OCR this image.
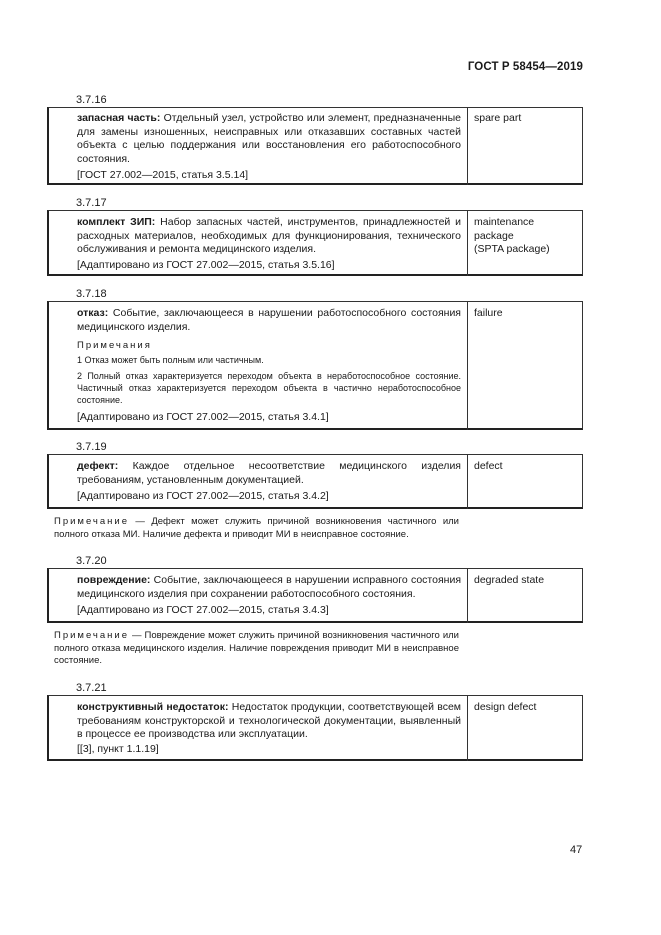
ГОСТ Р 58454—2019
3.7.16
запасная часть: Отдельный узел, устройство или элемент, предназначенные для замены изношенных, неисправных или отказавших составных частей объекта с целью поддержания или восстановления его работоспособного состояния.
spare part
[ГОСТ 27.002—2015, статья 3.5.14]
3.7.17
комплект ЗИП: Набор запасных частей, инструментов, принадлежностей и расходных материалов, необходимых для функционирования, технического обслуживания и ремонта медицинского изделия.
maintenance
package
(SPTA package)
[Адаптировано из ГОСТ 27.002—2015, статья 3.5.16]
3.7.18
отказ: Событие, заключающееся в нарушении работоспособного состояния медицинского изделия.
failure
Примечания
1 Отказ может быть полным или частичным.
2 Полный отказ характеризуется переходом объекта в неработоспособное состояние. Частичный отказ характеризуется переходом объекта в частично неработоспособное состояние.
[Адаптировано из ГОСТ 27.002—2015, статья 3.4.1]
3.7.19
дефект: Каждое отдельное несоответствие медицинского изделия требованиям, установленным документацией.
defect
[Адаптировано из ГОСТ 27.002—2015, статья 3.4.2]
Примечание — Дефект может служить причиной возникновения частичного или полного отказа МИ. Наличие дефекта и приводит МИ в неисправное состояние.
3.7.20
повреждение: Событие, заключающееся в нарушении исправного состояния медицинского изделия при сохранении работоспособного состояния.
degraded state
[Адаптировано из ГОСТ 27.002—2015, статья 3.4.3]
Примечание — Повреждение может служить причиной возникновения частичного или полного отказа медицинского изделия. Наличие повреждения приводит МИ в неисправное состояние.
3.7.21
конструктивный недостаток: Недостаток продукции, соответствующей всем требованиям конструкторской и технологической документации, выявленный в процессе ее производства или эксплуатации.
design defect
[[3], пункт 1.1.19]
47
